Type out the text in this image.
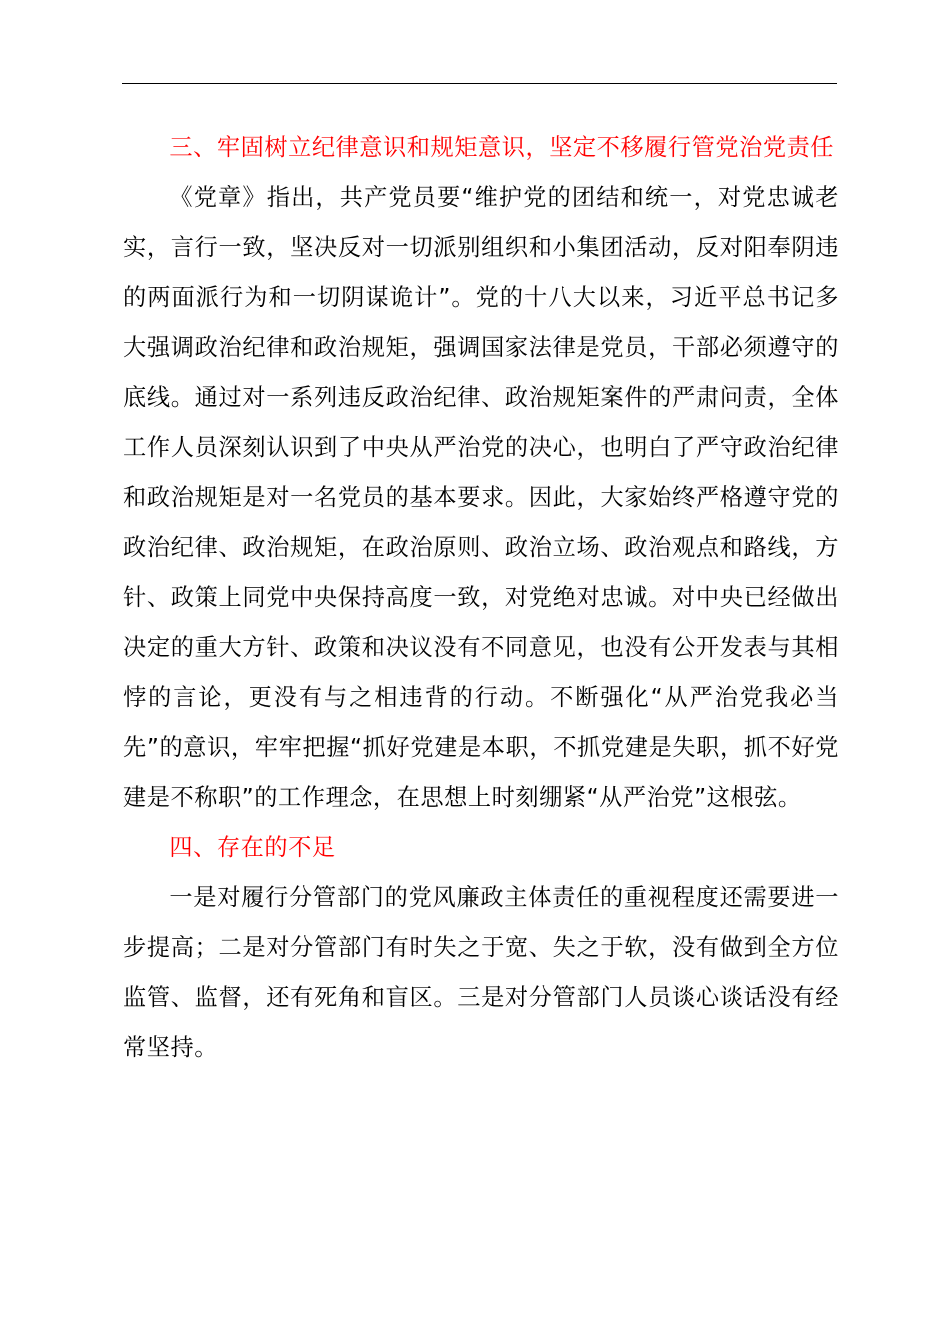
三、牢固树立纪律意识和规矩意识，坚定不移履行管党治党责任

《党章》指出，共产党员要“维护党的团结和统一，对党忠诚老实，言行一致，坚决反对一切派别组织和小集团活动，反对阳奉阴违的两面派行为和一切阴谋诡计”。党的十八大以来，习近平总书记多大强调政治纪律和政治规矩，强调国家法律是党员，干部必须遵守的底线。通过对一系列违反政治纪律、政治规矩案件的严肃问责，全体工作人员深刻认识到了中央从严治党的决心，也明白了严守政治纪律和政治规矩是对一名党员的基本要求。因此，大家始终严格遵守党的政治纪律、政治规矩，在政治原则、政治立场、政治观点和路线，方针、政策上同党中央保持高度一致，对党绝对忠诚。对中央已经做出决定的重大方针、政策和决议没有不同意见，也没有公开发表与其相悖的言论，更没有与之相违背的行动。不断强化“从严治党我必当先”的意识，牢牢把握“抓好党建是本职，不抓党建是失职，抓不好党建是不称职”的工作理念，在思想上时刻绷紧“从严治党”这根弦。

四、存在的不足

一是对履行分管部门的党风廉政主体责任的重视程度还需要进一步提高；二是对分管部门有时失之于宽、失之于软，没有做到全方位监管、监督，还有死角和盲区。三是对分管部门人员谈心谈话没有经常坚持。
